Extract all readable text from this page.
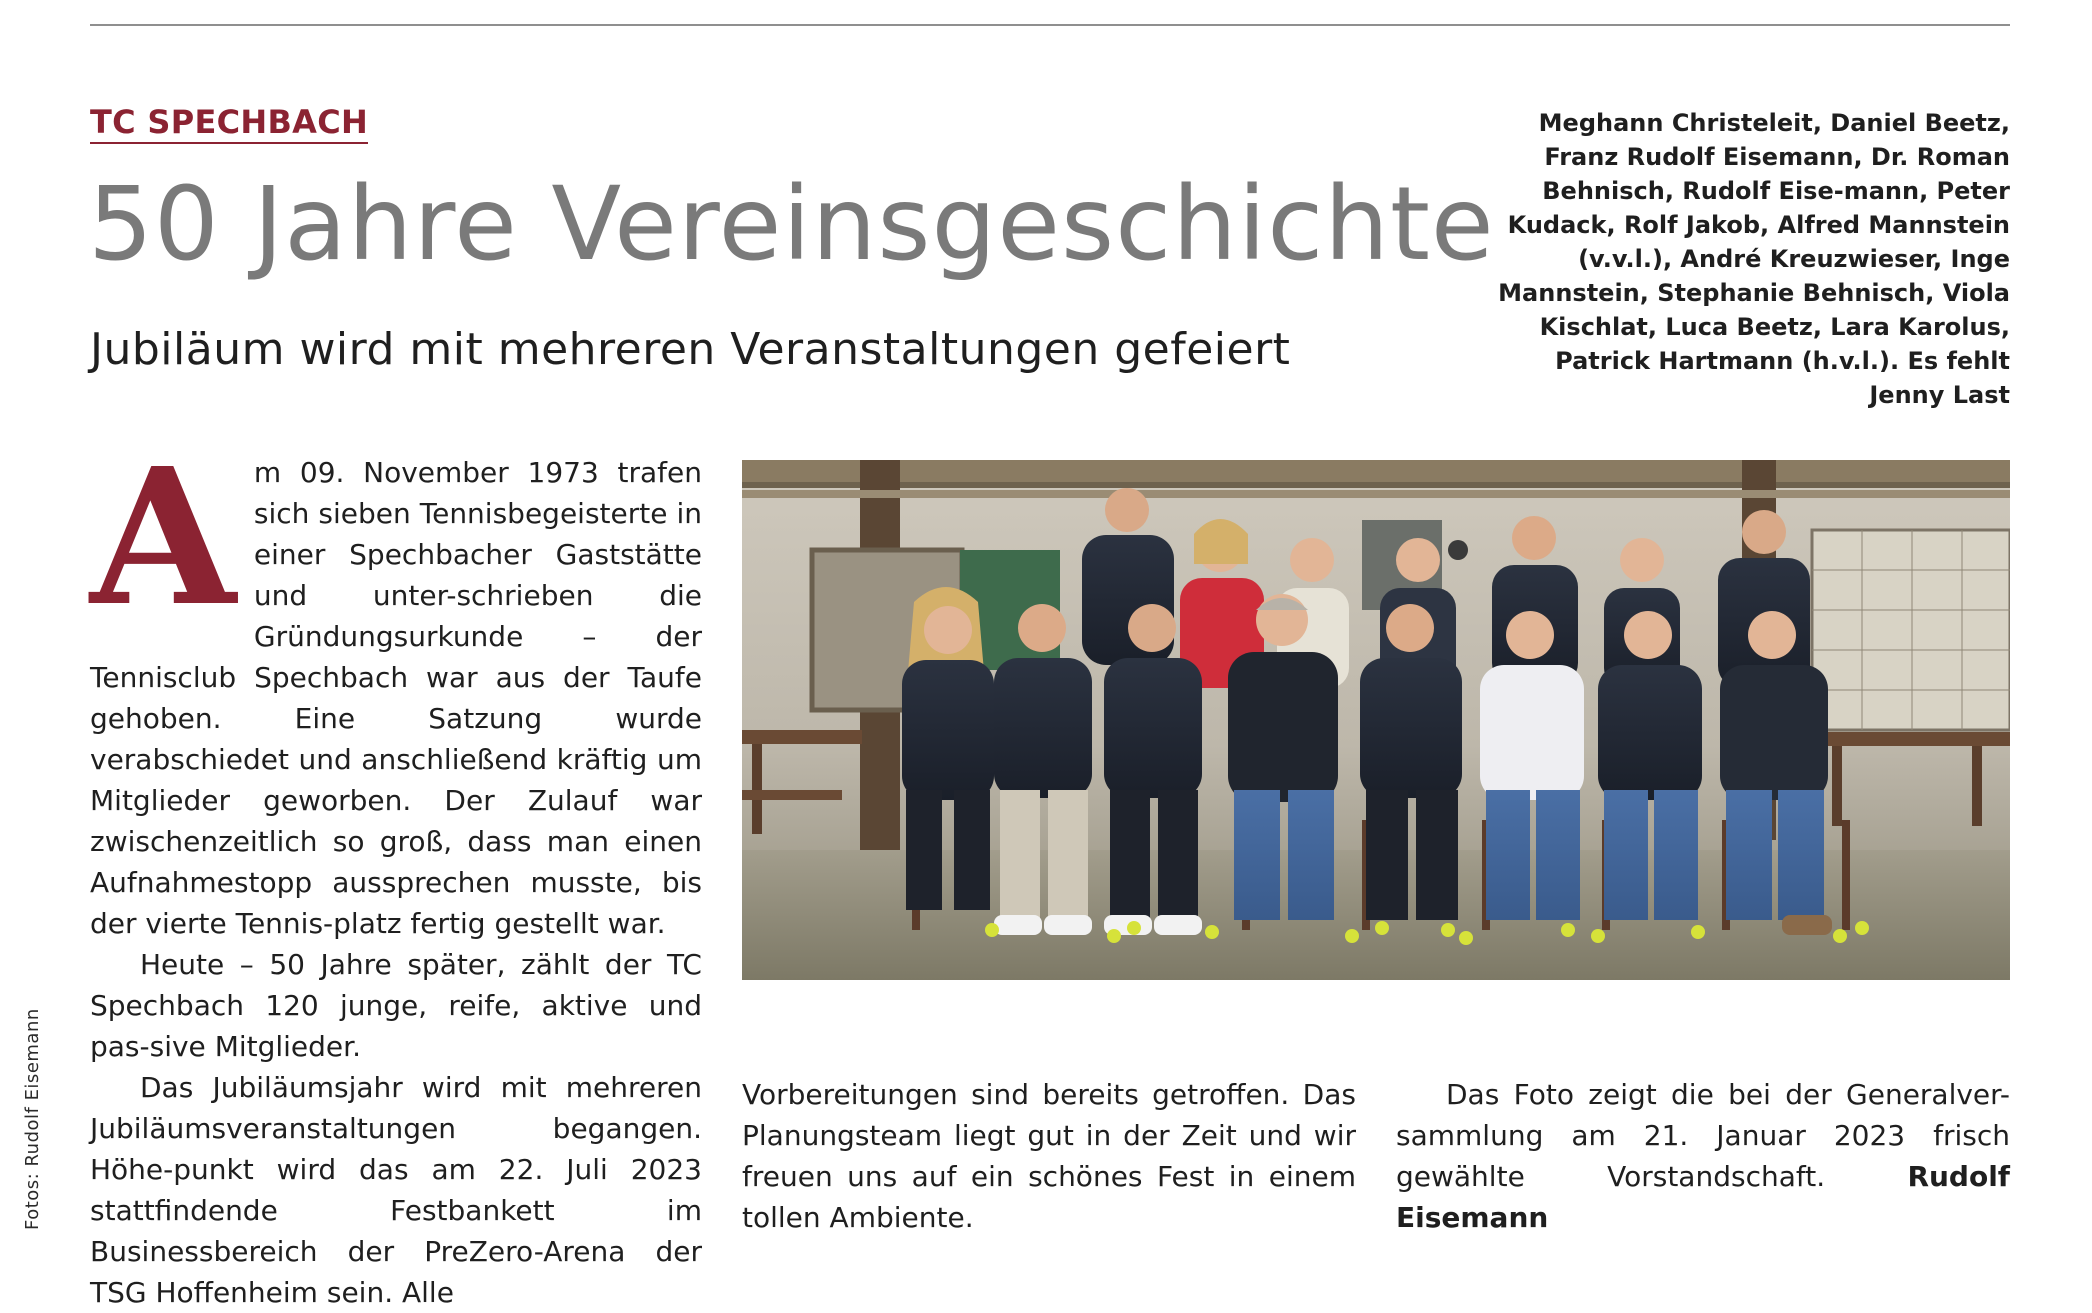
TC SPECHBACH
50 Jahre Vereinsgeschichte
Jubiläum wird mit mehreren Veranstaltungen gefeiert
Meghann Christeleit, Daniel Beetz, Franz Rudolf Eisemann, Dr. Roman Behnisch, Rudolf Eise-mann, Peter Kudack, Rolf Jakob, Alfred Mannstein (v.v.l.), André Kreuzwieser, Inge Mannstein, Stephanie Behnisch, Viola Kischlat, Luca Beetz, Lara Karolus, Patrick Hartmann (h.v.l.). Es fehlt Jenny Last
Fotos: Rudolf Eisemann
A m 09. November 1973 trafen sich sieben Tennisbegeisterte in einer Spechbacher Gaststätte und unter-schrieben die Gründungsurkunde – der Tennisclub Spechbach war aus der Taufe gehoben. Eine Satzung wurde verabschiedet und anschließend kräftig um Mitglieder geworben. Der Zulauf war zwischenzeitlich so groß, dass man einen Aufnahmestopp aussprechen musste, bis der vierte Tennis-platz fertig gestellt war.

Heute – 50 Jahre später, zählt der TC Spechbach 120 junge, reife, aktive und pas-sive Mitglieder.

Das Jubiläumsjahr wird mit mehreren Jubiläumsveranstaltungen begangen. Höhe-punkt wird das am 22. Juli 2023 stattfindende Festbankett im Businessbereich der PreZero-Arena der TSG Hoffenheim sein. Alle

Vorbereitungen sind bereits getroffen. Das Planungsteam liegt gut in der Zeit und wir freuen uns auf ein schönes Fest in einem tollen Ambiente.

Das Foto zeigt die bei der Generalver-sammlung am 21. Januar 2023 frisch gewählte Vorstandschaft.	Rudolf Eisemann
